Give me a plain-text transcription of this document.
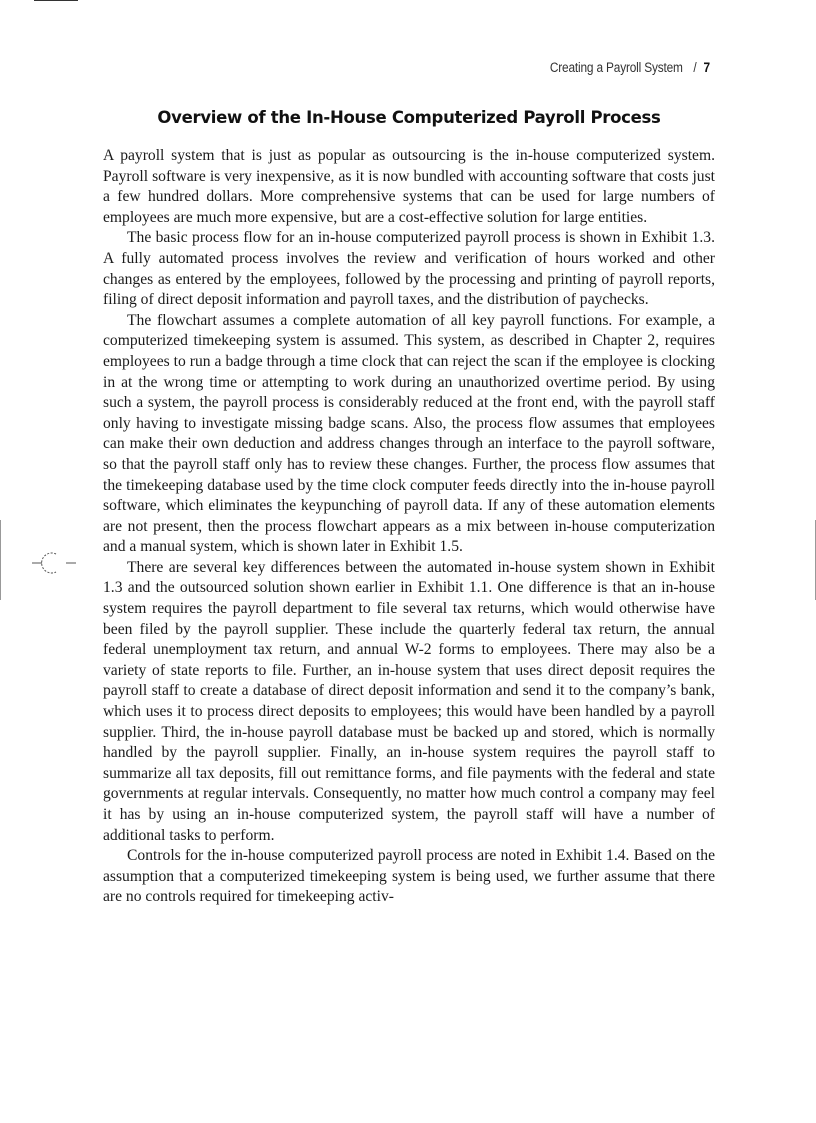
Creating a Payroll System / 7
Overview of the In-House Computerized Payroll Process

A payroll system that is just as popular as outsourcing is the in-house computerized system. Payroll software is very inexpensive, as it is now bundled with accounting software that costs just a few hundred dollars. More comprehensive systems that can be used for large numbers of employees are much more expensive, but are a cost-effective solution for large entities.

The basic process flow for an in-house computerized payroll process is shown in Exhibit 1.3. A fully automated process involves the review and verification of hours worked and other changes as entered by the employees, followed by the processing and printing of payroll reports, filing of direct deposit information and payroll taxes, and the distribution of paychecks.

The flowchart assumes a complete automation of all key payroll functions. For example, a computerized timekeeping system is assumed. This system, as described in Chapter 2, requires employees to run a badge through a time clock that can reject the scan if the employee is clocking in at the wrong time or attempting to work during an unauthorized overtime period. By using such a system, the payroll process is considerably reduced at the front end, with the payroll staff only having to investigate missing badge scans. Also, the process flow assumes that employees can make their own deduction and address changes through an interface to the payroll software, so that the payroll staff only has to review these changes. Further, the process flow assumes that the timekeeping database used by the time clock computer feeds directly into the in-house payroll software, which eliminates the keypunching of payroll data. If any of these automation elements are not present, then the process flowchart appears as a mix between in-house computerization and a manual system, which is shown later in Exhibit 1.5.

There are several key differences between the automated in-house system shown in Exhibit 1.3 and the outsourced solution shown earlier in Exhibit 1.1. One difference is that an in-house system requires the payroll department to file several tax returns, which would otherwise have been filed by the payroll supplier. These include the quarterly federal tax return, the annual federal unemployment tax return, and annual W-2 forms to employees. There may also be a variety of state reports to file. Further, an in-house system that uses direct deposit requires the payroll staff to create a database of direct deposit information and send it to the company’s bank, which uses it to process direct deposits to employees; this would have been handled by a payroll supplier. Third, the in-house payroll database must be backed up and stored, which is normally handled by the payroll supplier. Finally, an in-house system requires the payroll staff to summarize all tax deposits, fill out remittance forms, and file payments with the federal and state governments at regular intervals. Consequently, no matter how much control a company may feel it has by using an in-house computerized system, the payroll staff will have a number of additional tasks to perform.

Controls for the in-house computerized payroll process are noted in Exhibit 1.4. Based on the assumption that a computerized timekeeping system is being used, we further assume that there are no controls required for timekeeping activ-
